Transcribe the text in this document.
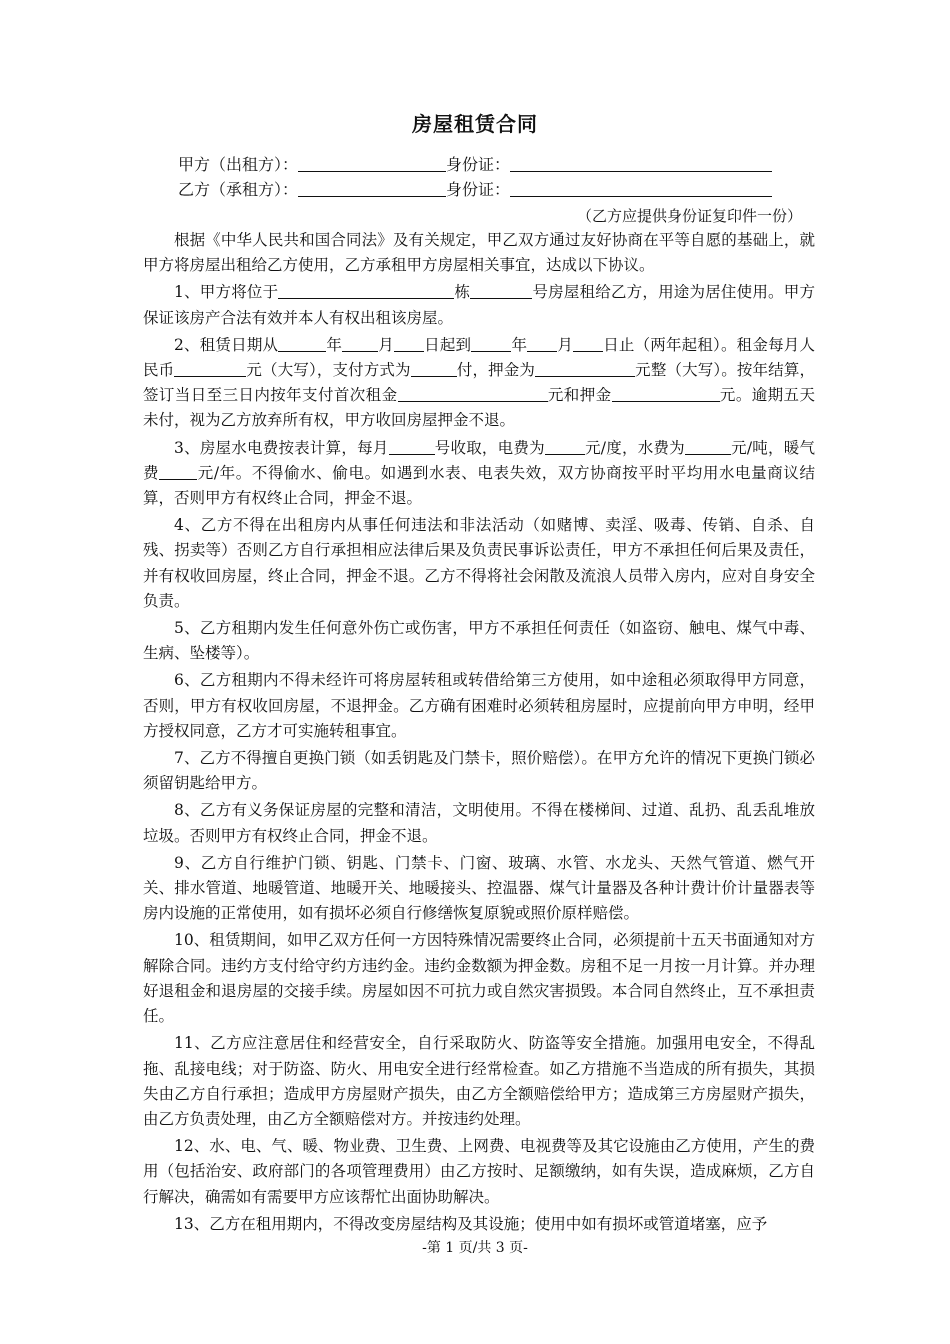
房屋租赁合同
甲方（出租方）：	身份证：
乙方（承租方）：	身份证：
（乙方应提供身份证复印件一份）

根据《中华人民共和国合同法》及有关规定，甲乙双方通过友好协商在平等自愿的基础上，就甲方将房屋出租给乙方使用，乙方承租甲方房屋相关事宜，达成以下协议。

1、甲方将位于	栋	号房屋租给乙方，用途为居住使用。甲方保证该房产合法有效并本人有权出租该房屋。

2、租赁日期从	年 月 日起到	年 月 日止（两年起租）。租金每月人民币	元（大写），支付方式为	付，押金为	元整（大写）。按年结算，签订当日至三日内按年支付首次租金	元和押金	元。逾期五天未付，视为乙方放弃所有权，甲方收回房屋押金不退。

3、房屋水电费按表计算，每月	号收取，电费为	元/度，水费为	元/吨，暖气费 元/年。不得偷水、偷电。如遇到水表、电表失效，双方协商按平时平均用水电量商议结算，否则甲方有权终止合同，押金不退。

4、乙方不得在出租房内从事任何违法和非法活动（如赌博、卖淫、吸毒、传销、自杀、自残、拐卖等）否则乙方自行承担相应法律后果及负责民事诉讼责任，甲方不承担任何后果及责任，并有权收回房屋，终止合同，押金不退。乙方不得将社会闲散及流浪人员带入房内，应对自身安全负责。

5、乙方租期内发生任何意外伤亡或伤害，甲方不承担任何责任（如盗窃、触电、煤气中毒、生病、坠楼等）。

6、乙方租期内不得未经许可将房屋转租或转借给第三方使用，如中途租必须取得甲方同意，否则，甲方有权收回房屋，不退押金。乙方确有困难时必须转租房屋时，应提前向甲方申明，经甲方授权同意，乙方才可实施转租事宜。

7、乙方不得擅自更换门锁（如丢钥匙及门禁卡，照价赔偿）。在甲方允许的情况下更换门锁必须留钥匙给甲方。

8、乙方有义务保证房屋的完整和清洁，文明使用。不得在楼梯间、过道、乱扔、乱丢乱堆放垃圾。否则甲方有权终止合同，押金不退。

9、乙方自行维护门锁、钥匙、门禁卡、门窗、玻璃、水管、水龙头、天然气管道、燃气开关、排水管道、地暖管道、地暖开关、地暖接头、控温器、煤气计量器及各种计费计价计量器表等房内设施的正常使用，如有损坏必须自行修缮恢复原貌或照价原样赔偿。

10、租赁期间，如甲乙双方任何一方因特殊情况需要终止合同，必须提前十五天书面通知对方解除合同。违约方支付给守约方违约金。违约金数额为押金数。房租不足一月按一月计算。并办理好退租金和退房屋的交接手续。房屋如因不可抗力或自然灾害损毁。本合同自然终止，互不承担责任。

11、乙方应注意居住和经营安全，自行采取防火、防盗等安全措施。加强用电安全，不得乱拖、乱接电线；对于防盗、防火、用电安全进行经常检查。如乙方措施不当造成的所有损失，其损失由乙方自行承担；造成甲方房屋财产损失，由乙方全额赔偿给甲方；造成第三方房屋财产损失，由乙方负责处理，由乙方全额赔偿对方。并按违约处理。

12、水、电、气、暖、物业费、卫生费、上网费、电视费等及其它设施由乙方使用，产生的费用（包括治安、政府部门的各项管理费用）由乙方按时、足额缴纳，如有失误，造成麻烦，乙方自行解决，确需如有需要甲方应该帮忙出面协助解决。

13、乙方在租用期内，不得改变房屋结构及其设施；使用中如有损坏或管道堵塞，应予

-第 1 页/共 3 页-
